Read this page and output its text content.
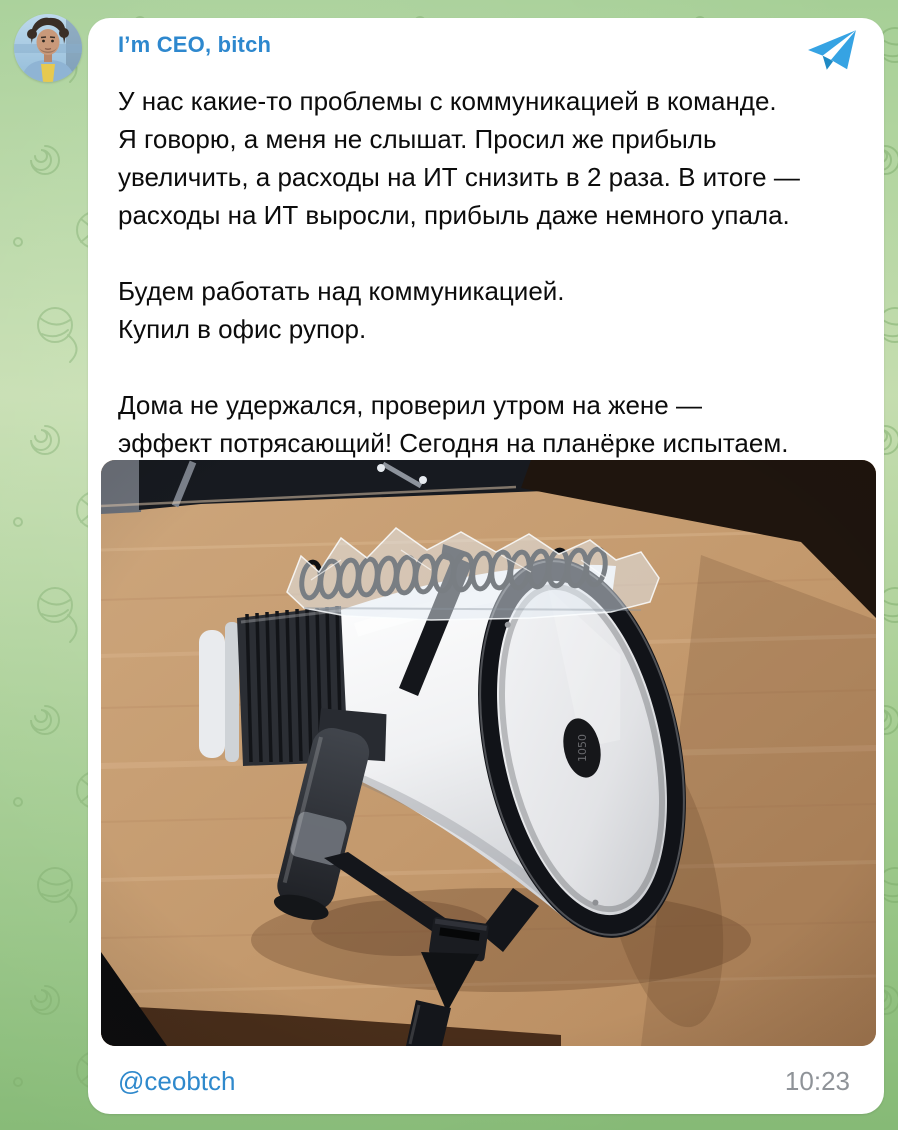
I’m CEO, bitch
У нас какие-то проблемы с коммуникацией в команде.
Я говорю, а меня не слышат. Просил же прибыль
увеличить, а расходы на ИТ снизить в 2 раза. В итоге —
расходы на ИТ выросли, прибыль даже немного упала.
Будем работать над коммуникацией.
Купил в офис рупор.
Дома не удержался, проверил утром на жене —
эффект потрясающий! Сегодня на планёрке испытаем.
@ceobtch	10:23
